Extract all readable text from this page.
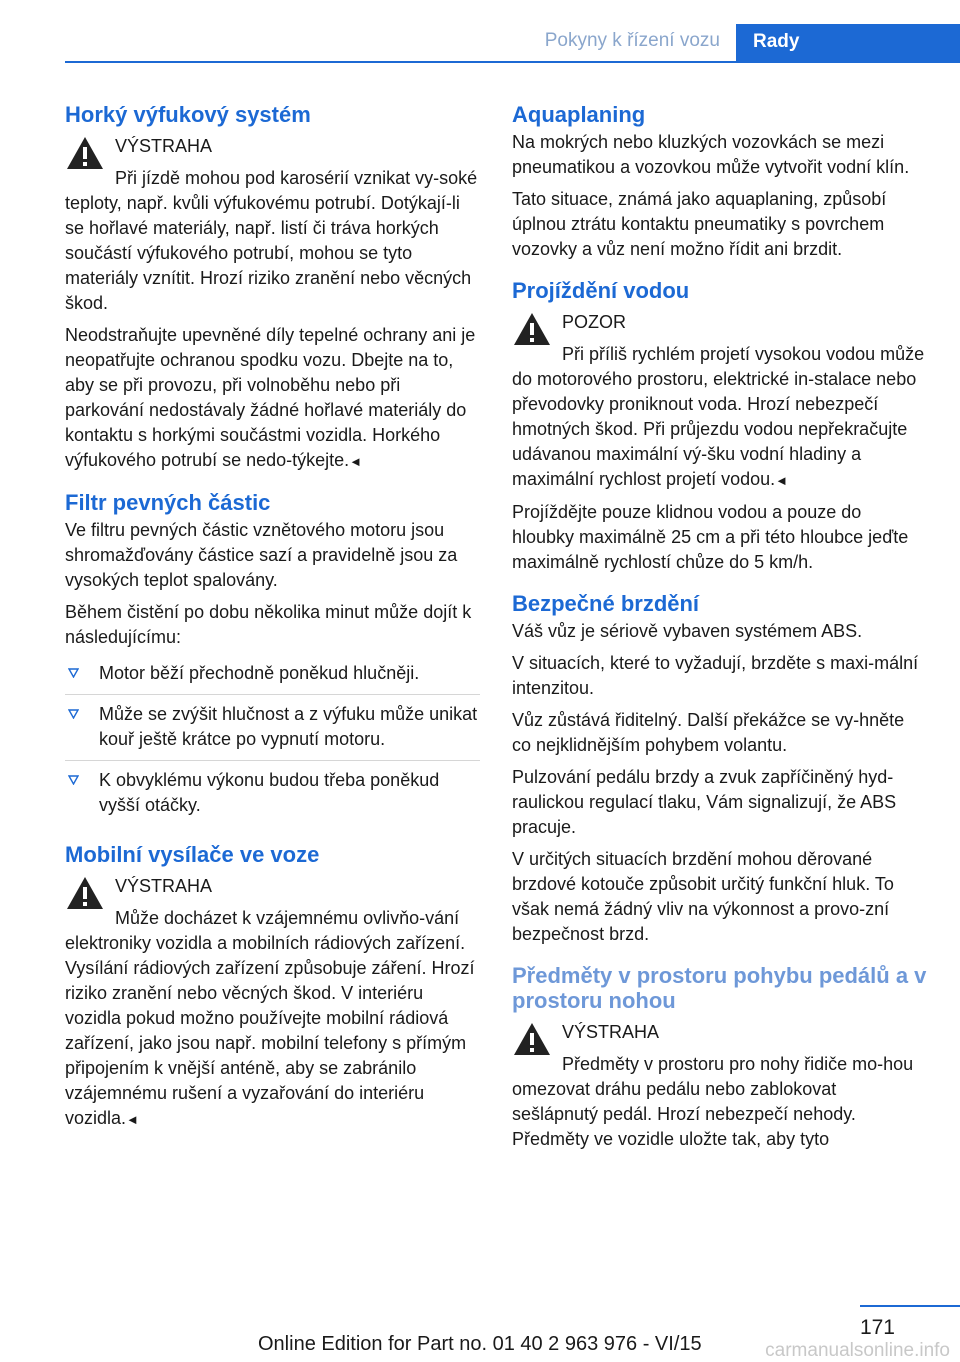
Pokyny k řízení vozu	Rady
Horký výfukový systém
VÝSTRAHA

Při jízdě mohou pod karosérií vznikat vy-soké teploty, např. kvůli výfukovému potrubí. Dotýkají-li se hořlavé materiály, např. listí či tráva horkých součástí výfukového potrubí, mohou se tyto materiály vznítit. Hrozí riziko zranění nebo věcných škod.

Neodstraňujte upevněné díly tepelné ochrany ani je neopatřujte ochranou spodku vozu. Dbejte na to, aby se při provozu, při volnoběhu nebo při parkování nedostávaly žádné hořlavé materiály do kontaktu s horkými součástmi vozidla. Horkého výfukového potrubí se nedo-týkejte.◄

Filtr pevných částic

Ve filtru pevných částic vznětového motoru jsou shromažďovány částice sazí a pravidelně jsou za vysokých teplot spalovány.

Během čistění po dobu několika minut může dojít k následujícímu:

Motor běží přechodně poněkud hlučněji.
Může se zvýšit hlučnost a z výfuku může unikat kouř ještě krátce po vypnutí motoru.
K obvyklému výkonu budou třeba poněkud vyšší otáčky.
Mobilní vysílače ve voze
VÝSTRAHA

Může docházet k vzájemnému ovlivňo-vání elektroniky vozidla a mobilních rádiových zařízení. Vysílání rádiových zařízení způsobuje záření. Hrozí riziko zranění nebo věcných škod. V interiéru vozidla pokud možno používejte mobilní rádiová zařízení, jako jsou např. mobilní telefony s přímým připojením k vnější anténě, aby se zabránilo vzájemnému rušení a vyzařování do interiéru vozidla.◄

Aquaplaning

Na mokrých nebo kluzkých vozovkách se mezi pneumatikou a vozovkou může vytvořit vodní klín.

Tato situace, známá jako aquaplaning, způsobí úplnou ztrátu kontaktu pneumatiky s povrchem vozovky a vůz není možno řídit ani brzdit.

Projíždění vodou
POZOR

Při příliš rychlém projetí vysokou vodou může do motorového prostoru, elektrické in-stalace nebo převodovky proniknout voda. Hrozí nebezpečí hmotných škod. Při průjezdu vodou nepřekračujte udávanou maximální vý-šku vodní hladiny a maximální rychlost projetí vodou.◄

Projíždějte pouze klidnou vodou a pouze do hloubky maximálně 25 cm a při této hloubce jeďte maximálně rychlostí chůze do 5 km/h.

Bezpečné brzdění

Váš vůz je sériově vybaven systémem ABS.

V situacích, které to vyžadují, brzděte s maxi-mální intenzitou.

Vůz zůstává řiditelný. Další překážce se vy-hněte co nejklidnějším pohybem volantu.

Pulzování pedálu brzdy a zvuk zapříčiněný hyd-raulickou regulací tlaku, Vám signalizují, že ABS pracuje.

V určitých situacích brzdění mohou děrované brzdové kotouče způsobit určitý funkční hluk. To však nemá žádný vliv na výkonnost a provo-zní bezpečnost brzd.

Předměty v prostoru pohybu pedálů a v prostoru nohou
VÝSTRAHA

Předměty v prostoru pro nohy řidiče mo-hou omezovat dráhu pedálu nebo zablokovat sešlápnutý pedál. Hrozí nebezpečí nehody. Předměty ve vozidle uložte tak, aby tyto

171
Online Edition for Part no. 01 40 2 963 976 - VI/15	carmanualsonline.info
